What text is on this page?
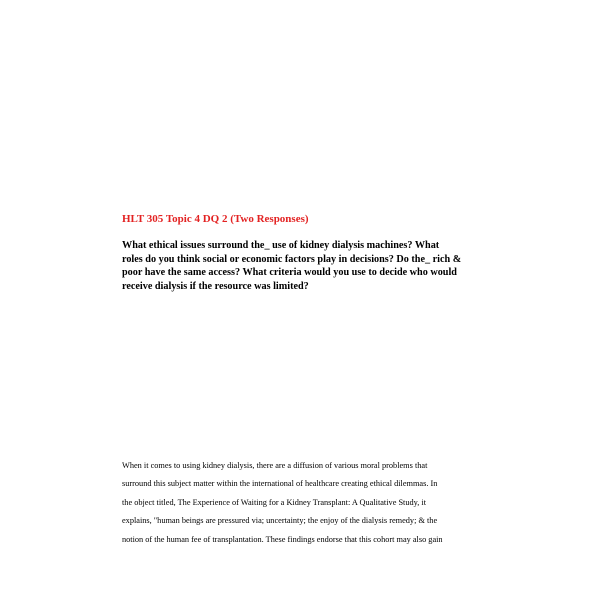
HLT 305 Topic 4 DQ 2 (Two Responses)
What ethical issues surround the_ use of kidney dialysis machines? What
roles do you think social or economic factors play in decisions? Do the_ rich &
poor have the same access? What criteria would you use to decide who would
receive dialysis if the resource was limited?
When it comes to using kidney dialysis, there are a diffusion of various moral problems that
surround this subject matter within the international of healthcare creating ethical dilemmas. In
the object titled, The Experience of Waiting for a Kidney Transplant: A Qualitative Study, it
explains, "human beings are pressured via; uncertainty; the enjoy of the dialysis remedy; & the
notion of the human fee of transplantation. These findings endorse that this cohort may also gain
